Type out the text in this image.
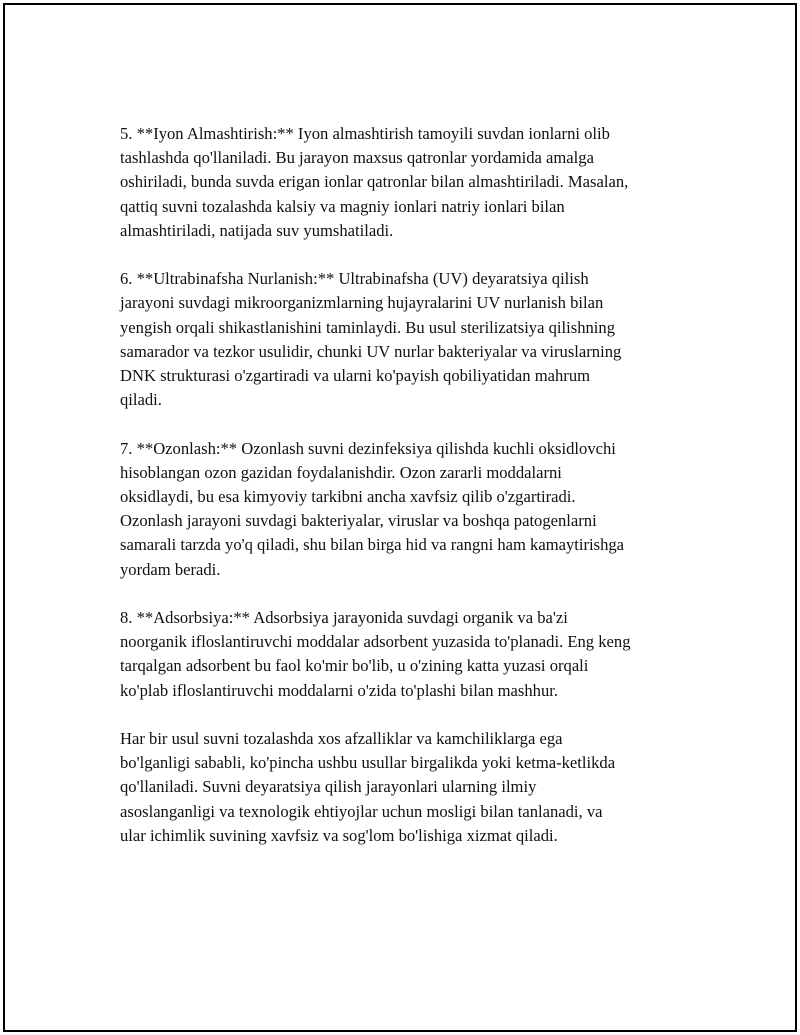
5. **Iyon Almashtirish:** Iyon almashtirish tamoyili suvdan ionlarni olib
tashlashda qo'llaniladi. Bu jarayon maxsus qatronlar yordamida amalga
oshiriladi, bunda suvda erigan ionlar qatronlar bilan almashtiriladi. Masalan,
qattiq suvni tozalashda kalsiy va magniy ionlari natriy ionlari bilan
almashtiriladi, natijada suv yumshatiladi.

6. **Ultrabinafsha Nurlanish:** Ultrabinafsha (UV) deyaratsiya qilish
jarayoni suvdagi mikroorganizmlarning hujayralarini UV nurlanish bilan
yengish orqali shikastlanishini taminlaydi. Bu usul sterilizatsiya qilishning
samarador va tezkor usulidir, chunki UV nurlar bakteriyalar va viruslarning
DNK strukturasi o'zgartiradi va ularni ko'payish qobiliyatidan mahrum
qiladi.

7. **Ozonlash:** Ozonlash suvni dezinfeksiya qilishda kuchli oksidlovchi
hisoblangan ozon gazidan foydalanishdir. Ozon zararli moddalarni
oksidlaydi, bu esa kimyoviy tarkibni ancha xavfsiz qilib o'zgartiradi.
Ozonlash jarayoni suvdagi bakteriyalar, viruslar va boshqa patogenlarni
samarali tarzda yo'q qiladi, shu bilan birga hid va rangni ham kamaytirishga
yordam beradi.

8. **Adsorbsiya:** Adsorbsiya jarayonida suvdagi organik va ba'zi
noorganik ifloslantiruvchi moddalar adsorbent yuzasida to'planadi. Eng keng
tarqalgan adsorbent bu faol ko'mir bo'lib, u o'zining katta yuzasi orqali
ko'plab ifloslantiruvchi moddalarni o'zida to'plashi bilan mashhur.

Har bir usul suvni tozalashda xos afzalliklar va kamchiliklarga ega
bo'lganligi sababli, ko'pincha ushbu usullar birgalikda yoki ketma-ketlikda
qo'llaniladi. Suvni deyaratsiya qilish jarayonlari ularning ilmiy
asoslanganligi va texnologik ehtiyojlar uchun mosligi bilan tanlanadi, va
ular ichimlik suvining xavfsiz va sog'lom bo'lishiga xizmat qiladi.
